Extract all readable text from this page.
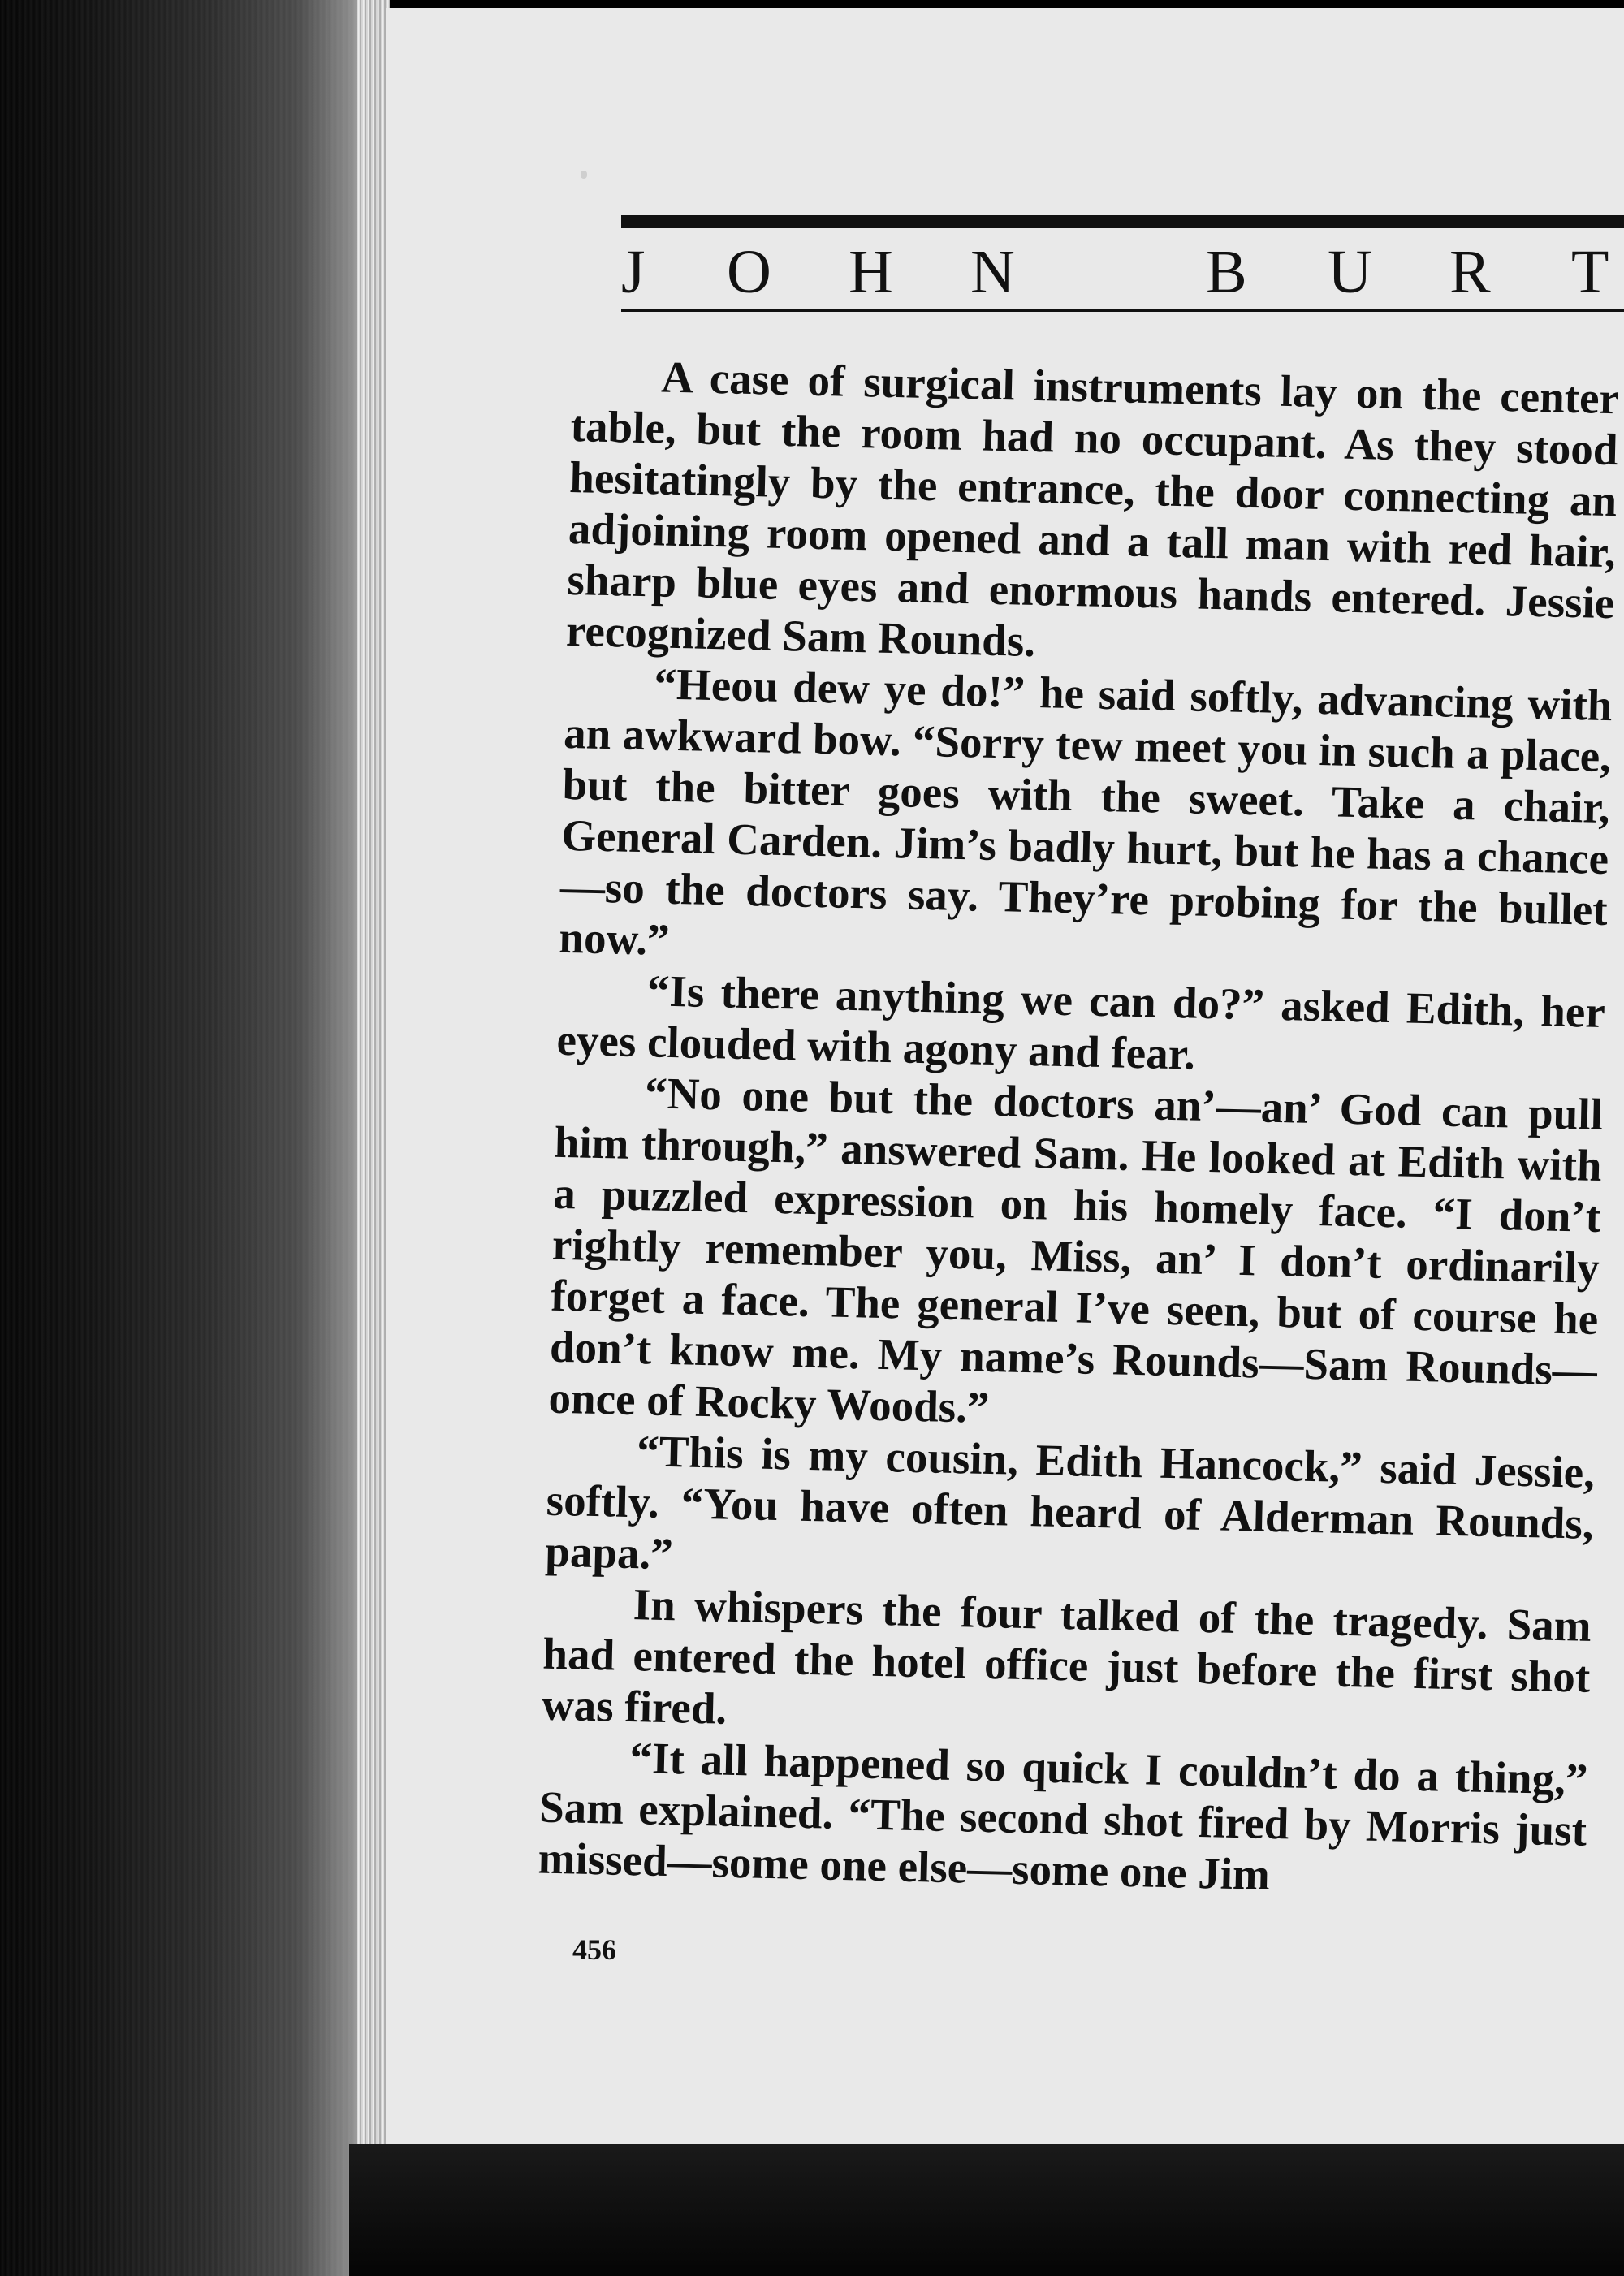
J O H N	B U R T

A case of surgical instruments lay on the center table, but the room had no occupant. As they stood hesitatingly by the entrance, the door connecting an adjoining room opened and a tall man with red hair, sharp blue eyes and enormous hands entered. Jessie recognized Sam Rounds.

“Heou dew ye do!” he said softly, advancing with an awkward bow. “Sorry tew meet you in such a place, but the bitter goes with the sweet. Take a chair, General Carden. Jim’s badly hurt, but he has a chance—so the doctors say. They’re probing for the bullet now.”

“Is there anything we can do?” asked Edith, her eyes clouded with agony and fear.

“No one but the doctors an’—an’ God can pull him through,” answered Sam. He looked at Edith with a puzzled expression on his homely face. “I don’t rightly remember you, Miss, an’ I don’t ordinarily forget a face. The general I’ve seen, but of course he don’t know me. My name’s Rounds—Sam Rounds—once of Rocky Woods.”

“This is my cousin, Edith Hancock,” said Jessie, softly. “You have often heard of Alderman Rounds, papa.”

In whispers the four talked of the tragedy. Sam had entered the hotel office just before the first shot was fired.

“It all happened so quick I couldn’t do a thing,” Sam explained. “The second shot fired by Morris just missed—some one else—some one Jim

456
